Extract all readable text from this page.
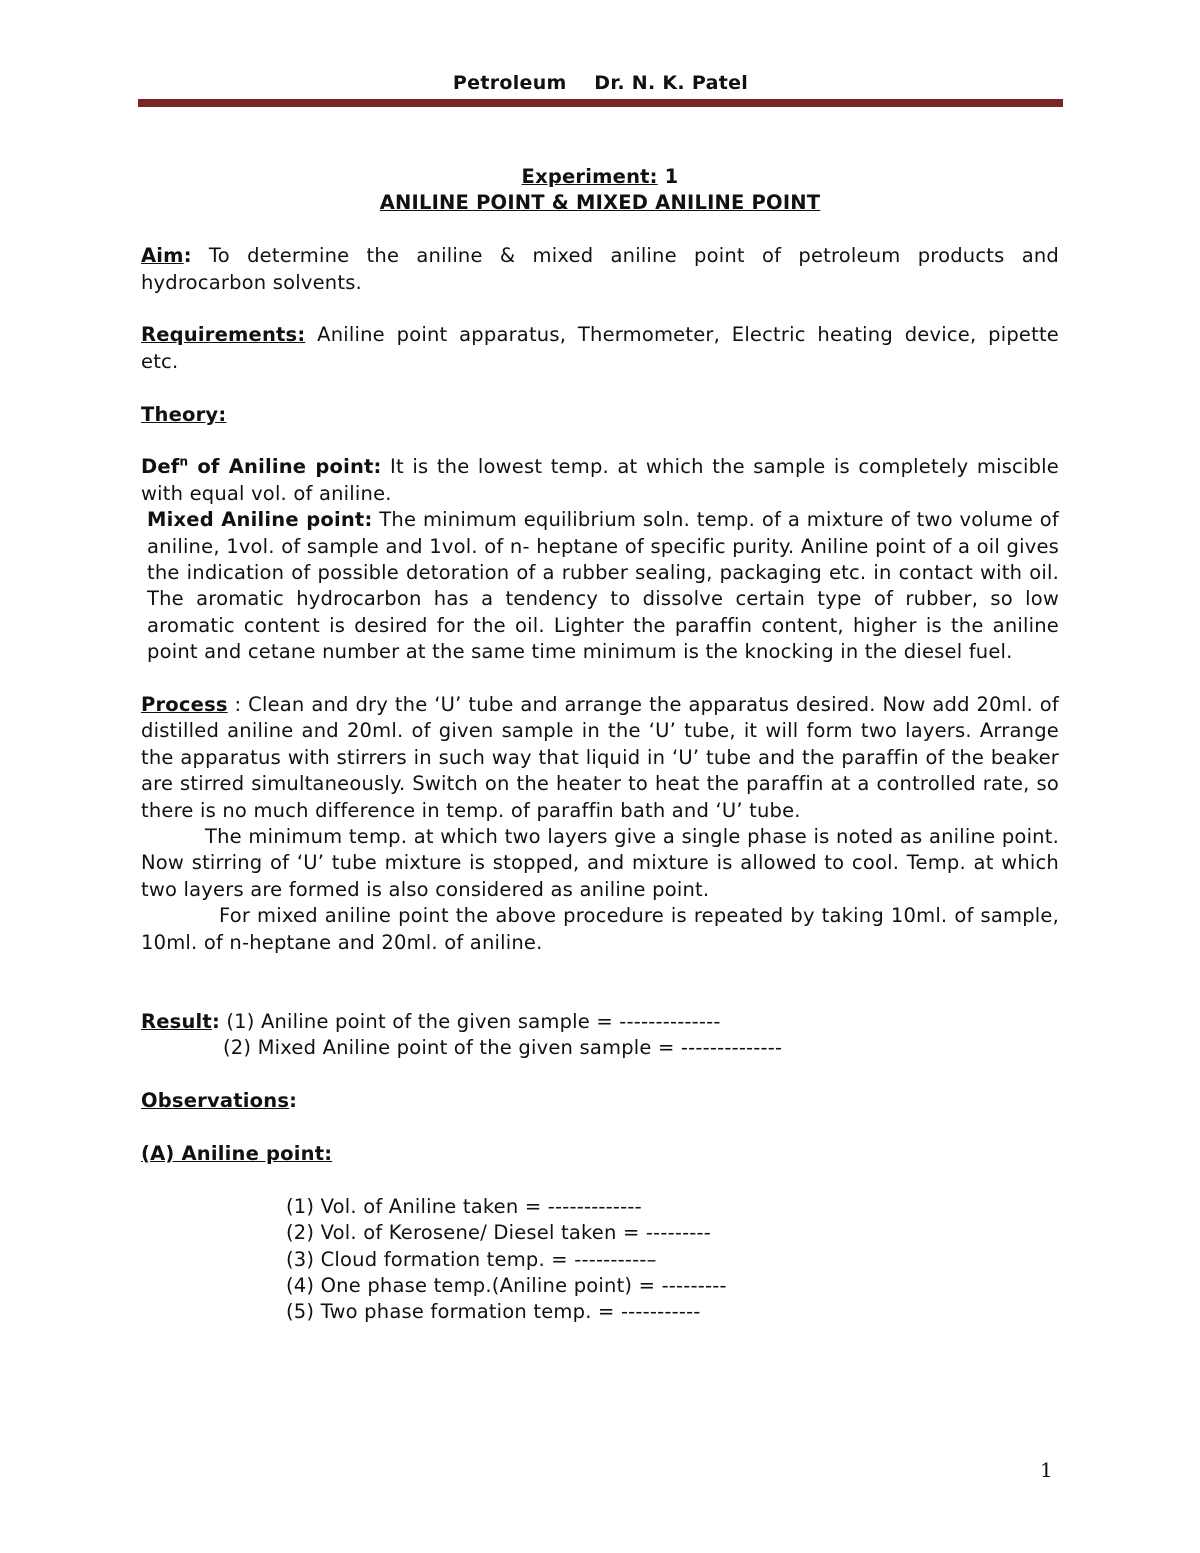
Petroleum    Dr. N. K. Patel

Experiment: 1

ANILINE POINT & MIXED ANILINE POINT

Aim: To determine the aniline & mixed aniline point of petroleum products and hydrocarbon solvents.

Requirements: Aniline point apparatus, Thermometer, Electric heating device, pipette etc.

Theory:

Def$^n$ of Aniline point: It is the lowest temp. at which the sample is completely miscible with equal vol. of aniline.

Mixed Aniline point: The minimum equilibrium soln. temp. of a mixture of two volume of aniline, 1vol. of sample and 1vol. of n- heptane of specific purity. Aniline point of a oil gives the indication of possible detoration of a rubber sealing, packaging etc. in contact with oil. The aromatic hydrocarbon has a tendency to dissolve certain type of rubber, so low aromatic content is desired for the oil. Lighter the paraffin content, higher is the aniline point and cetane number at the same time minimum is the knocking in the diesel fuel.

Process : Clean and dry the ‘U’ tube and arrange the apparatus desired. Now add 20ml. of distilled aniline and 20ml. of given sample in the ‘U’ tube, it will form two layers. Arrange the apparatus with stirrers in such way that liquid in ‘U’ tube and the paraffin of the beaker are stirred simultaneously. Switch on the heater to heat the paraffin at a controlled rate, so there is no much difference in temp. of paraffin bath and ‘U’ tube.

The minimum temp. at which two layers give a single phase is noted as aniline point. Now stirring of ‘U’ tube mixture is stopped, and mixture is allowed to cool. Temp. at which two layers are formed is also considered as aniline point.

For mixed aniline point the above procedure is repeated by taking 10ml. of sample, 10ml. of n-heptane and 20ml. of aniline.

Result: (1) Aniline point of the given sample = --------------

(2) Mixed Aniline point of the given sample = --------------

Observations:

(A) Aniline point:

(1) Vol. of Aniline taken = -------------

(2) Vol. of Kerosene/ Diesel taken = ---------

(3) Cloud formation temp. = ----------–

(4) One phase temp.(Aniline point) = ---------

(5) Two phase formation temp. = -----------

1
